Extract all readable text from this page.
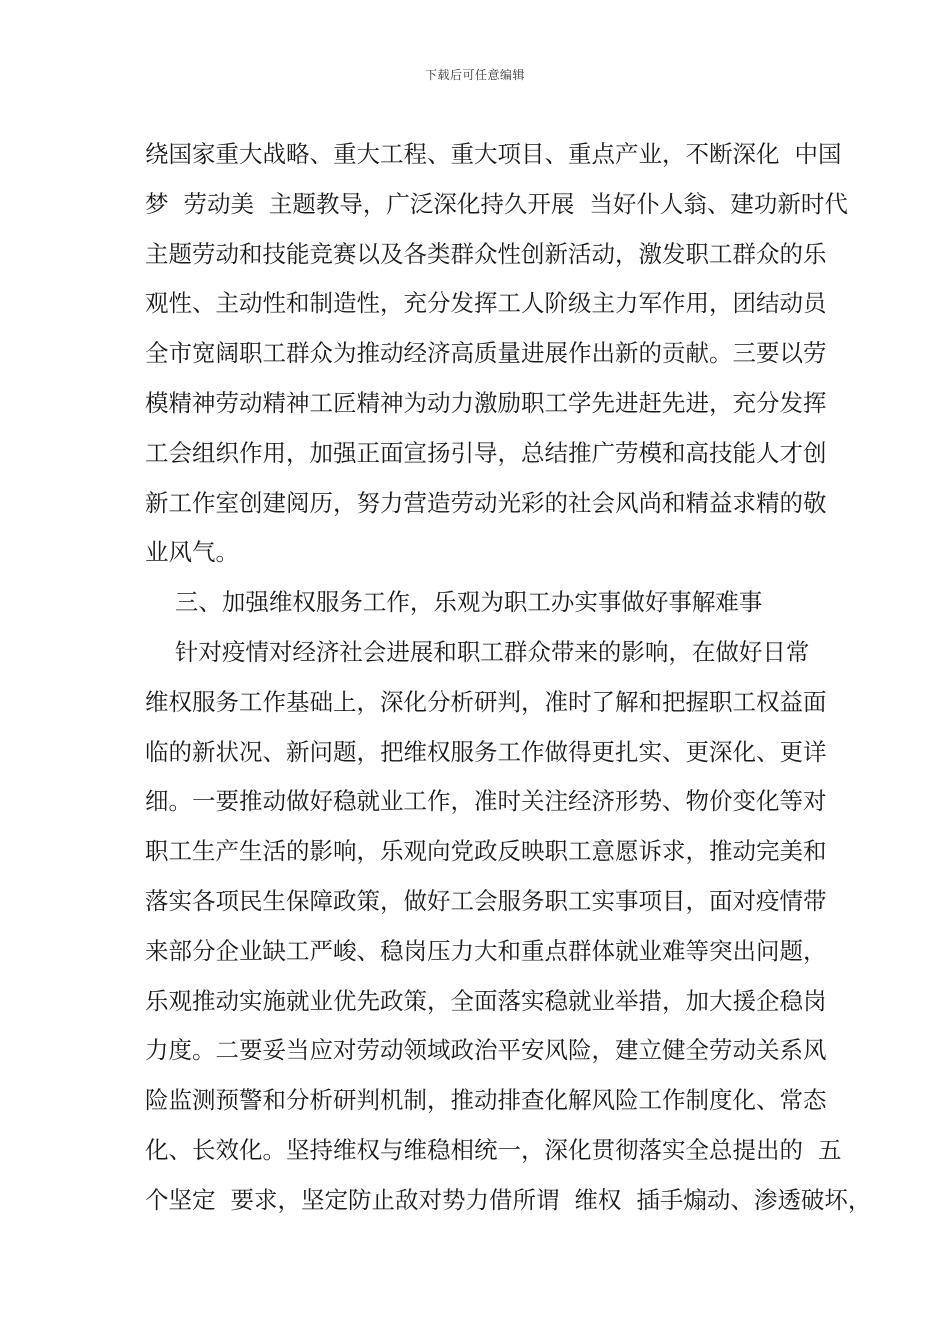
下载后可任意编辑
绕国家重大战略、重大工程、重大项目、重点产业，不断深化  中国
梦  劳动美  主题教导，广泛深化持久开展  当好仆人翁、建功新时代
主题劳动和技能竞赛以及各类群众性创新活动，激发职工群众的乐
观性、主动性和制造性，充分发挥工人阶级主力军作用，团结动员
全市宽阔职工群众为推动经济高质量进展作出新的贡献。三要以劳
模精神劳动精神工匠精神为动力激励职工学先进赶先进，充分发挥
工会组织作用，加强正面宣扬引导，总结推广劳模和高技能人才创
新工作室创建阅历，努力营造劳动光彩的社会风尚和精益求精的敬
业风气。
三、加强维权服务工作，乐观为职工办实事做好事解难事
针对疫情对经济社会进展和职工群众带来的影响，在做好日常
维权服务工作基础上，深化分析研判，准时了解和把握职工权益面
临的新状况、新问题，把维权服务工作做得更扎实、更深化、更详
细。一要推动做好稳就业工作，准时关注经济形势、物价变化等对
职工生产生活的影响，乐观向党政反映职工意愿诉求，推动完美和
落实各项民生保障政策，做好工会服务职工实事项目，面对疫情带
来部分企业缺工严峻、稳岗压力大和重点群体就业难等突出问题，
乐观推动实施就业优先政策，全面落实稳就业举措，加大援企稳岗
力度。二要妥当应对劳动领域政治平安风险，建立健全劳动关系风
险监测预警和分析研判机制，推动排查化解风险工作制度化、常态
化、长效化。坚持维权与维稳相统一，深化贯彻落实全总提出的  五
个坚定  要求，坚定防止敌对势力借所谓  维权  插手煽动、渗透破坏，
